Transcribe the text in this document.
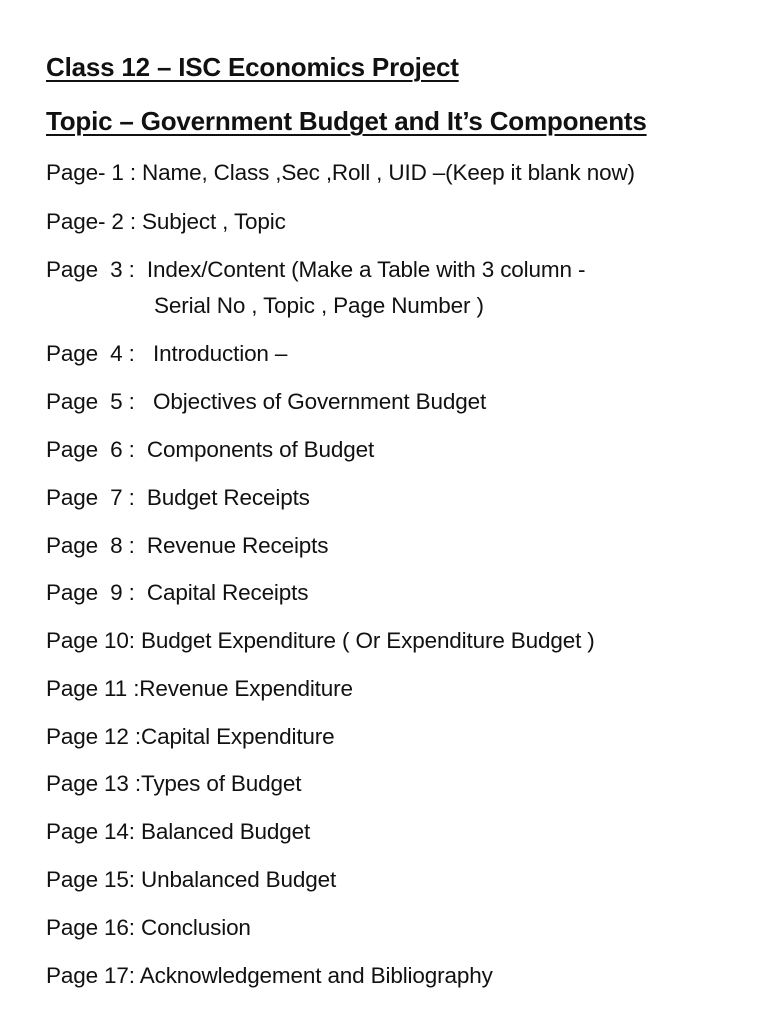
Class 12 – ISC Economics Project
Topic – Government Budget and It’s Components
Page- 1 : Name, Class ,Sec ,Roll , UID –(Keep it blank now)
Page- 2 : Subject , Topic
Page  3 :  Index/Content (Make a Table with 3 column -
Serial No , Topic , Page Number )
Page  4 :   Introduction –
Page  5 :   Objectives of Government Budget
Page  6 :  Components of Budget
Page  7 :  Budget Receipts
Page  8 :  Revenue Receipts
Page  9 :  Capital Receipts
Page 10: Budget Expenditure ( Or Expenditure Budget )
Page 11 :Revenue Expenditure
Page 12 :Capital Expenditure
Page 13 :Types of Budget
Page 14: Balanced Budget
Page 15: Unbalanced Budget
Page 16: Conclusion
Page 17: Acknowledgement and Bibliography
